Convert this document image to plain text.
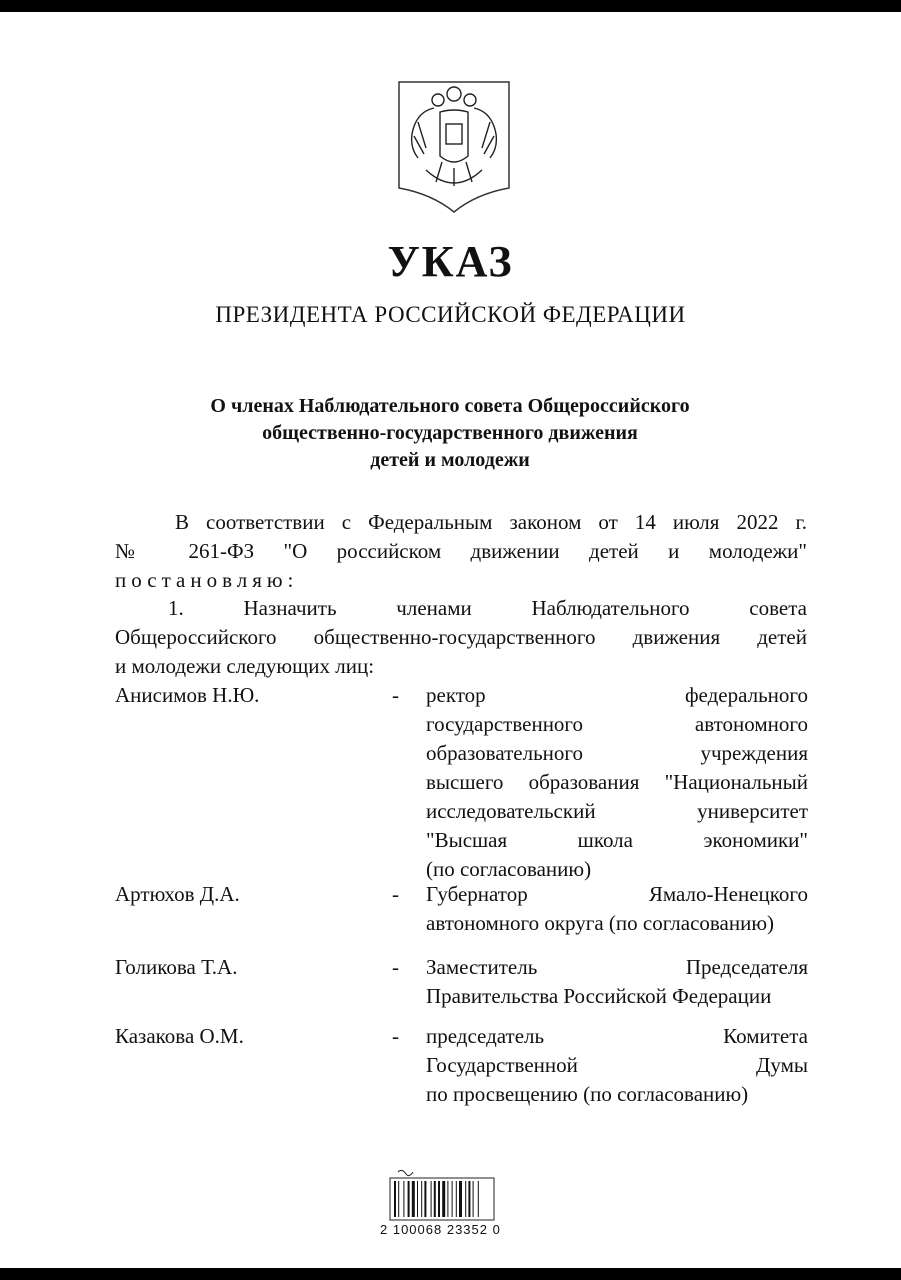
УКАЗ
ПРЕЗИДЕНТА РОССИЙСКОЙ ФЕДЕРАЦИИ
О членах Наблюдательного совета Общероссийского
общественно-государственного движения
детей и молодежи
В соответствии с Федеральным законом от 14 июля 2022 г.
№ 261-ФЗ "О российском движении детей и молодежи"
постановляю:
1. Назначить членами Наблюдательного совета
Общероссийского общественно-государственного движения детей
и молодежи следующих лиц:
Анисимов Н.Ю.	- ректор федерального
государственного автономного
образовательного учреждения
высшего образования "Национальный
исследовательский университет
"Высшая школа экономики"
(по согласованию)
Артюхов Д.А.	- Губернатор Ямало-Ненецкого
автономного округа (по согласованию)
Голикова Т.А.	- Заместитель Председателя
Правительства Российской Федерации
Казакова О.М.	- председатель Комитета
Государственной Думы
по просвещению (по согласованию)
2 100068 23352 0
